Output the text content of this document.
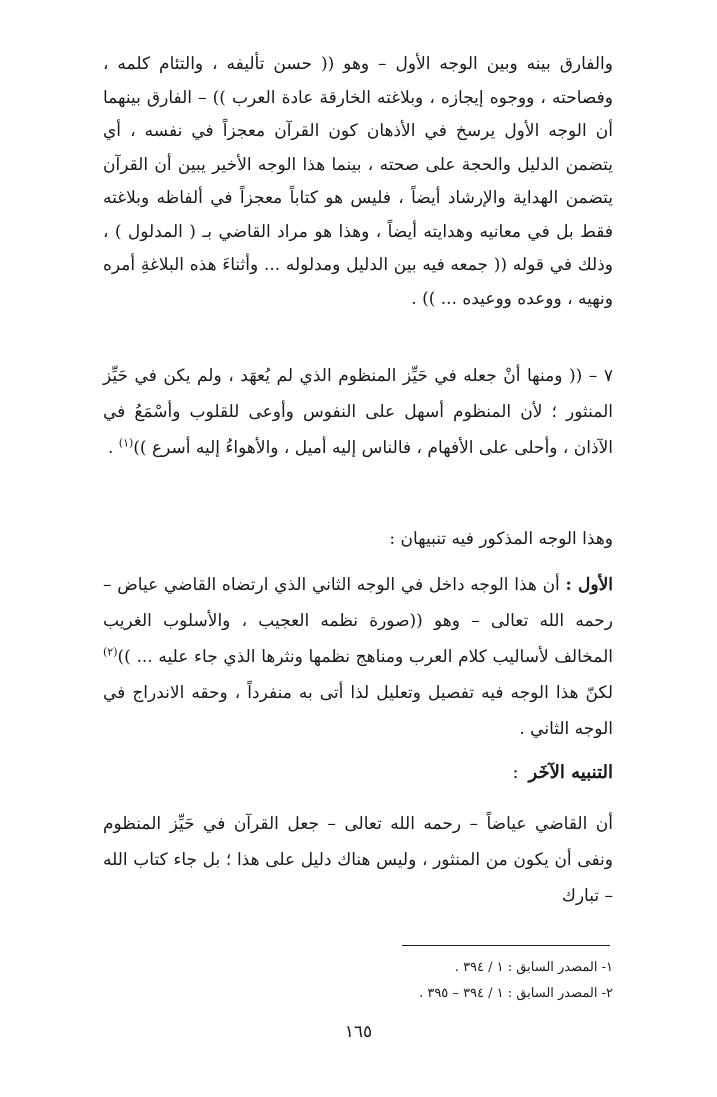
والفارق بينه وبين الوجه الأول – وهو (( حسن تأليفه ، والتئام كلمه ، وفصاحته ، ووجوه إيجازه ، وبلاغته الخارقة عادة العرب )) – الفارق بينهما أن الوجه الأول يرسخ في الأذهان كون القرآن معجزاً في نفسه ، أي يتضمن الدليل والحجة على صحته ، بينما هذا الوجه الأخير يبين أن القرآن يتضمن الهداية والإرشاد أيضاً ، فليس هو كتاباً معجزاً في ألفاظه وبلاغته فقط بل في معانيه وهدايته أيضاً ، وهذا هو مراد القاضي بـ ( المدلول ) ، وذلك في قوله (( جمعه فيه بين الدليل ومدلوله ... وأثناءَ هذه البلاغةِ أمره ونهيه ، ووعده ووعيده ... )) .

٧ – (( ومنها أنْ جعله في حَيِّز المنظوم الذي لم يُعهَد ، ولم يكن في حَيِّز المنثور ؛ لأن المنظوم أسهل على النفوس وأوعى للقلوب وأسْمَعُ في الآذان ، وأحلى على الأفهام ، فالناس إليه أميل ، والأهواءُ إليه أسرع ))$^{(١)}$ .

وهذا الوجه المذكور فيه تنبيهان :

الأول : أن هذا الوجه داخل في الوجه الثاني الذي ارتضاه القاضي عياض – رحمه الله تعالى – وهو ((صورة نظمه العجيب ، والأسلوب الغريب المخالف لأساليب كلام العرب ومناهج نظمها ونثرها الذي جاء عليه ... ))$^{(٢)}$ لكنّ هذا الوجه فيه تفصيل وتعليل لذا أتى به منفرداً ، وحقه الاندراج في الوجه الثاني .

التنبيه الآخَر:

أن القاضي عياضاً – رحمه الله تعالى – جعل القرآن في حَيِّز المنظوم ونفى أن يكون من المنثور ، وليس هناك دليل على هذا ؛ بل جاء كتاب الله – تبارك

١- المصدر السابق : ١ / ٣٩٤ .
٢- المصدر السابق : ١ / ٣٩٤ – ٣٩٥ .
١٦٥
